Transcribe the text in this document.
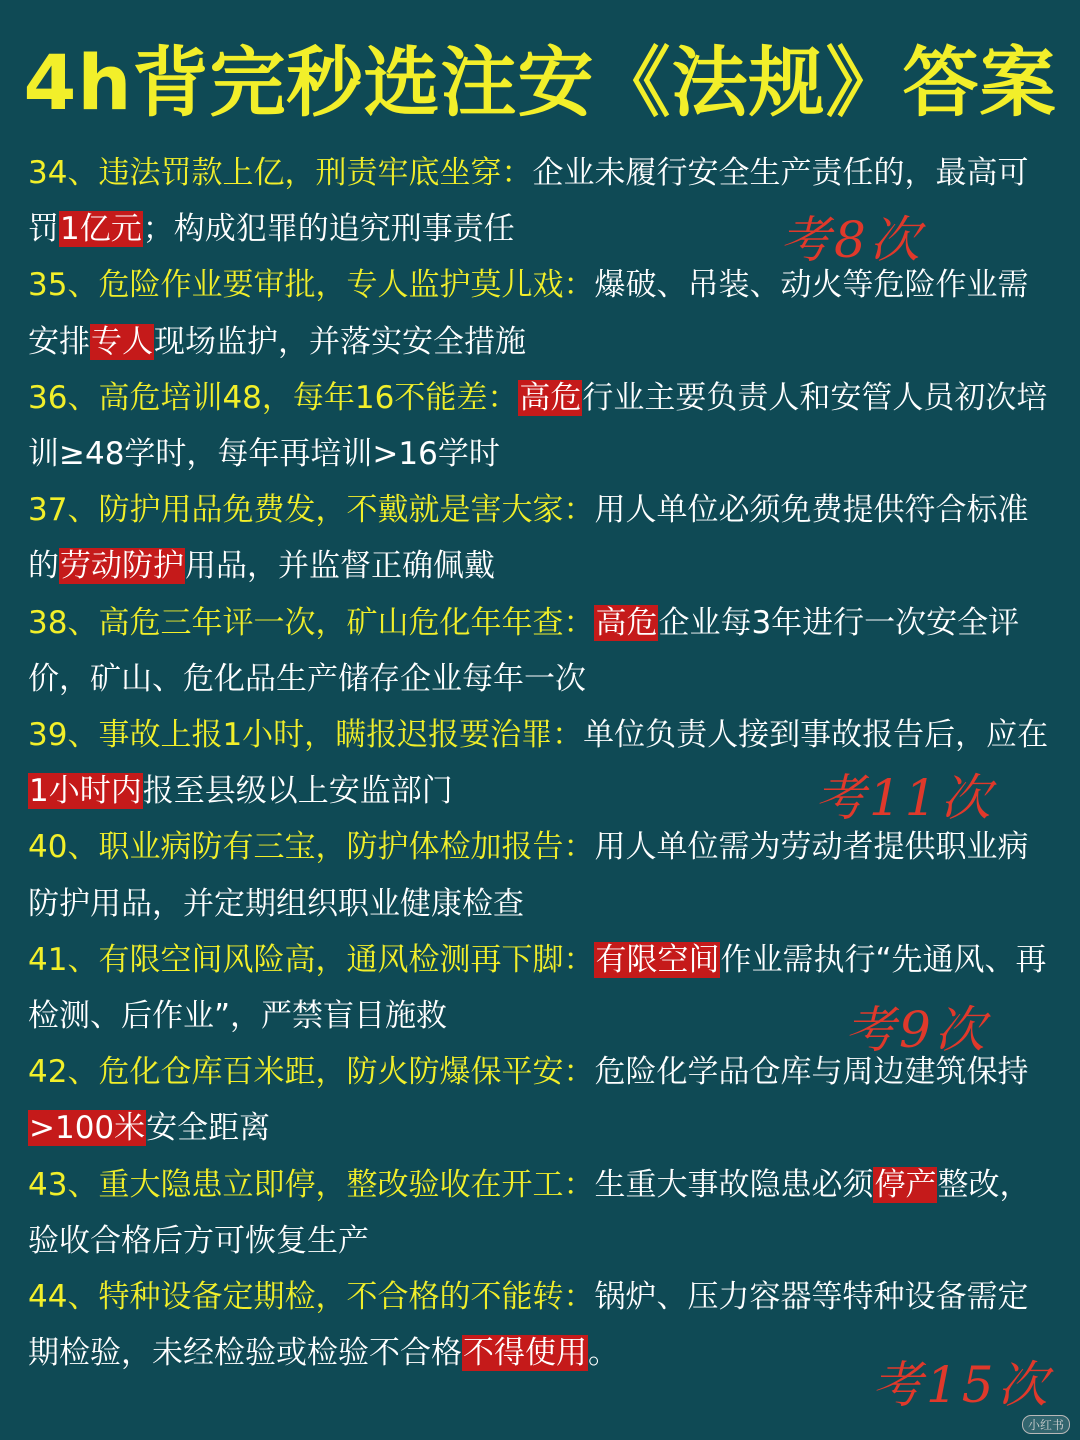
4h背完秒选注安《法规》答案

34、违法罚款上亿，刑责牢底坐穿：企业未履行安全生产责任的，最高可罚1亿元；构成犯罪的追究刑事责任

35、危险作业要审批，专人监护莫儿戏：爆破、吊装、动火等危险作业需安排专人现场监护，并落实安全措施

36、高危培训48，每年16不能差：高危行业主要负责人和安管人员初次培训≥48学时，每年再培训>16学时

37、防护用品免费发，不戴就是害大家：用人单位必须免费提供符合标准的劳动防护用品，并监督正确佩戴

38、高危三年评一次，矿山危化年年查：高危企业每3年进行一次安全评价，矿山、危化品生产储存企业每年一次

39、事故上报1小时，瞒报迟报要治罪：单位负责人接到事故报告后，应在1小时内报至县级以上安监部门

40、职业病防有三宝，防护体检加报告：用人单位需为劳动者提供职业病防护用品，并定期组织职业健康检查

41、有限空间风险高，通风检测再下脚：有限空间作业需执行“先通风、再检测、后作业”，严禁盲目施救

42、危化仓库百米距，防火防爆保平安：危险化学品仓库与周边建筑保持>100米安全距离

43、重大隐患立即停，整改验收在开工：生重大事故隐患必须停产整改，验收合格后方可恢复生产

44、特种设备定期检，不合格的不能转：锅炉、压力容器等特种设备需定期检验，未经检验或检验不合格不得使用。

考8次
考11次
考9次
考15次
小红书
